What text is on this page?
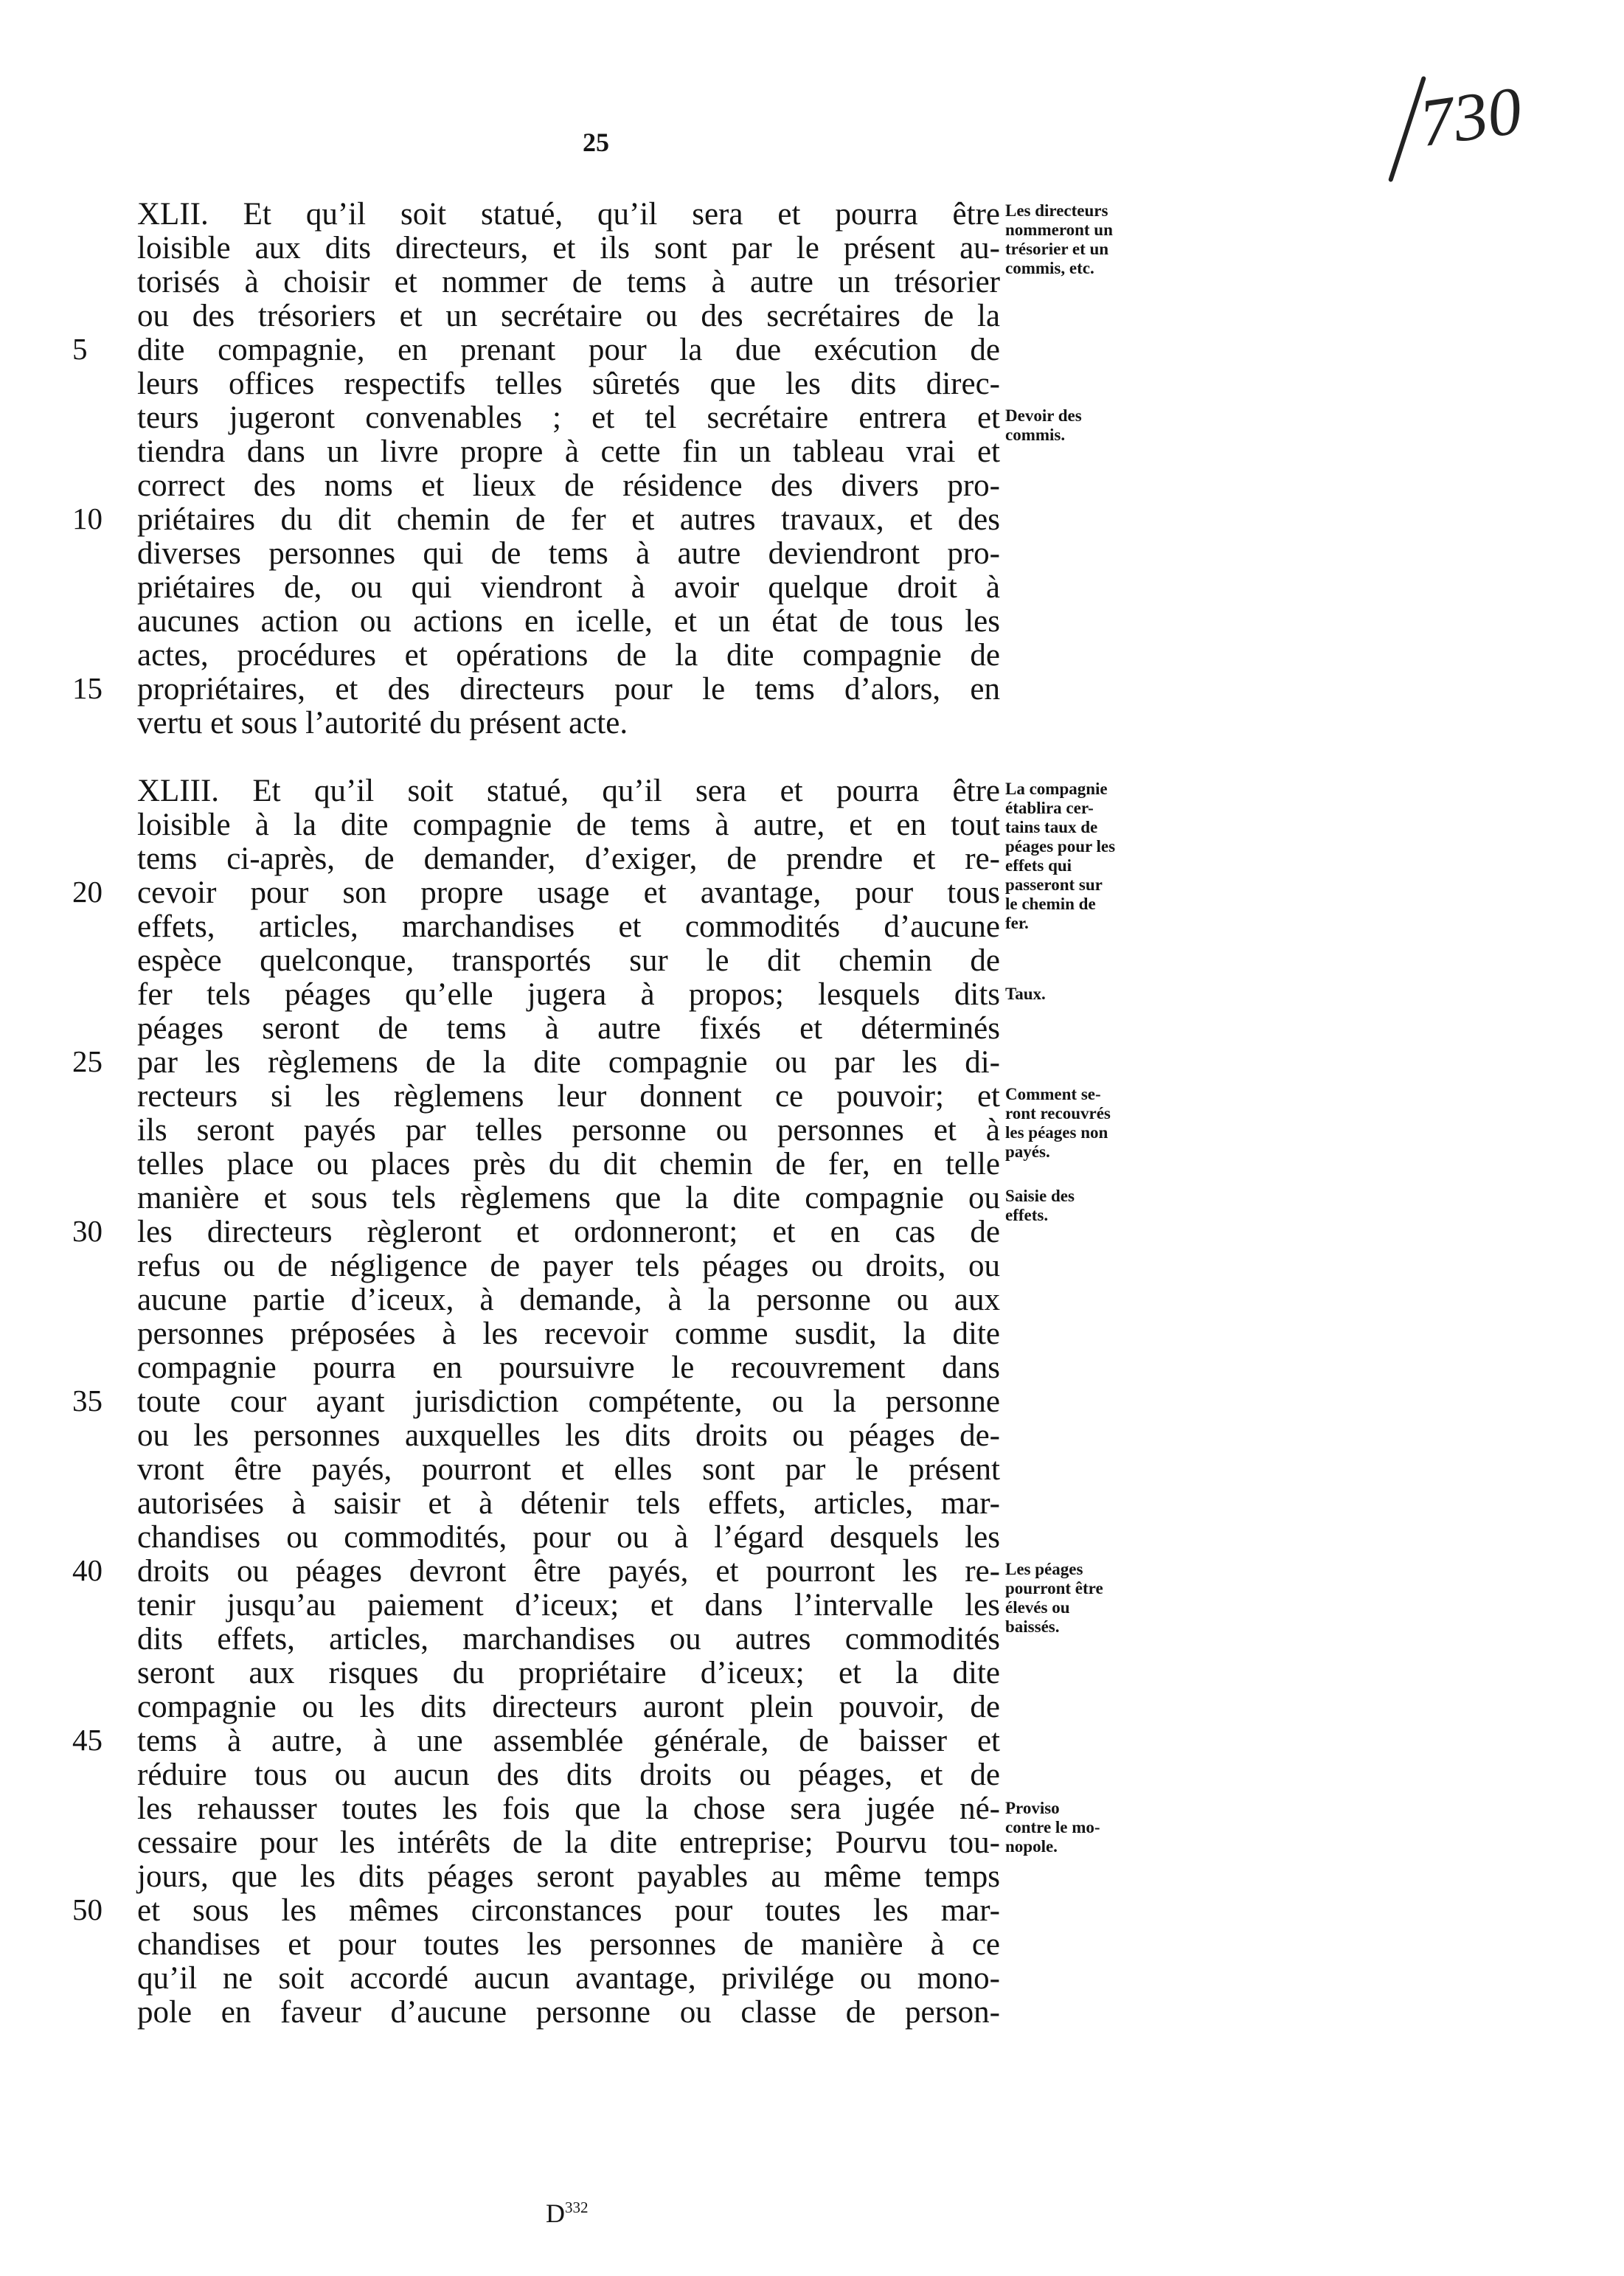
25	730
XLII. Et qu’il soit statué, qu’il sera et pourra être
loisible aux dits directeurs, et ils sont par le présent au-
torisés à choisir et nommer de tems à autre un trésorier
ou des trésoriers et un secrétaire ou des secrétaires de la
dite compagnie, en prenant pour la due exécution de
leurs offices respectifs telles sûretés que les dits direc-
teurs jugeront convenables ; et tel secrétaire entrera et
tiendra dans un livre propre à cette fin un tableau vrai et
correct des noms et lieux de résidence des divers pro-
priétaires du dit chemin de fer et autres travaux, et des
diverses personnes qui de tems à autre deviendront pro-
priétaires de, ou qui viendront à avoir quelque droit à
aucunes action ou actions en icelle, et un état de tous les
actes, procédures et opérations de la dite compagnie de
propriétaires, et des directeurs pour le tems d’alors, en
vertu et sous l’autorité du présent acte.
XLIII. Et qu’il soit statué, qu’il sera et pourra être
loisible à la dite compagnie de tems à autre, et en tout
tems ci-après, de demander, d’exiger, de prendre et re-
cevoir pour son propre usage et avantage, pour tous
effets, articles, marchandises et commodités d’aucune
espèce quelconque, transportés sur le dit chemin de
fer tels péages qu’elle jugera à propos; lesquels dits
péages seront de tems à autre fixés et déterminés
par les règlemens de la dite compagnie ou par les di-
recteurs si les règlemens leur donnent ce pouvoir; et
ils seront payés par telles personne ou personnes et à
telles place ou places près du dit chemin de fer, en telle
manière et sous tels règlemens que la dite compagnie ou
les directeurs règleront et ordonneront; et en cas de
refus ou de négligence de payer tels péages ou droits, ou
aucune partie d’iceux, à demande, à la personne ou aux
personnes préposées à les recevoir comme susdit, la dite
compagnie pourra en poursuivre le recouvrement dans
toute cour ayant jurisdiction compétente, ou la personne
ou les personnes auxquelles les dits droits ou péages de-
vront être payés, pourront et elles sont par le présent
autorisées à saisir et à détenir tels effets, articles, mar-
chandises ou commodités, pour ou à l’égard desquels les
droits ou péages devront être payés, et pourront les re-
tenir jusqu’au paiement d’iceux; et dans l’intervalle les
dits effets, articles, marchandises ou autres commodités
seront aux risques du propriétaire d’iceux; et la dite
compagnie ou les dits directeurs auront plein pouvoir, de
tems à autre, à une assemblée générale, de baisser et
réduire tous ou aucun des dits droits ou péages, et de
les rehausser toutes les fois que la chose sera jugée né-
cessaire pour les intérêts de la dite entreprise; Pourvu tou-
jours, que les dits péages seront payables au même temps
et sous les mêmes circonstances pour toutes les mar-
chandises et pour toutes les personnes de manière à ce
qu’il ne soit accordé aucun avantage, privilége ou mono-
pole en faveur d’aucune personne ou classe de person-
5
10
15
20
25
30
35
40
45
50
Les directeurs
nommeront un
trésorier et un
commis, etc.
Devoir des
commis.
La compagnie
établira cer-
tains taux de
péages pour les
effets qui
passeront sur
le chemin de
fer.
Taux.
Comment se-
ront recouvrés
les péages non
payés.
Saisie des
effets.
Les péages
pourront être
élevés ou
baissés.
Proviso
contre le mo-
nopole.
$D^{332}$
